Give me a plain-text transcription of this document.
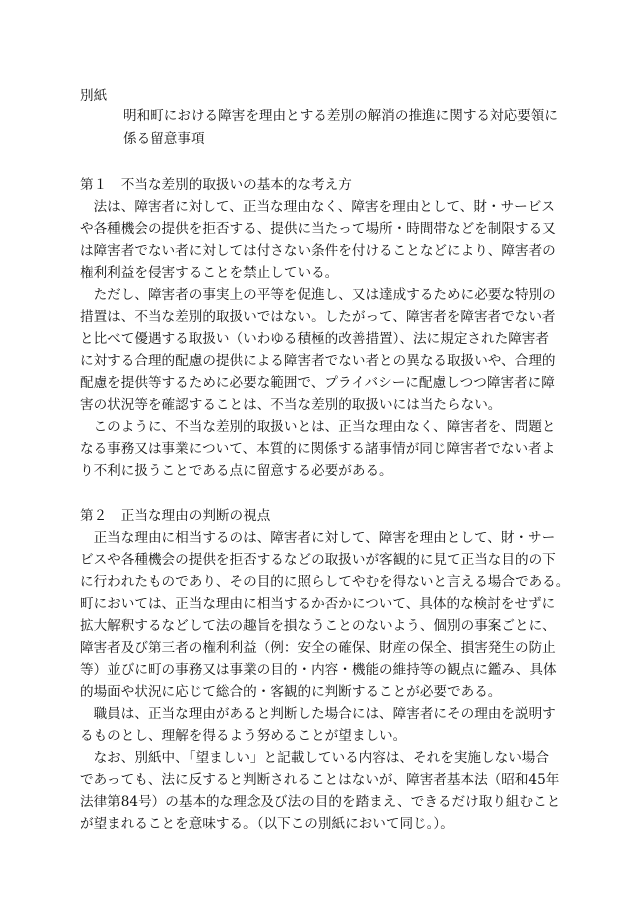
別紙
明和町における障害を理由とする差別の解消の推進に関する対応要領に
係る留意事項
第１　不当な差別的取扱いの基本的な考え方
　法は、障害者に対して、正当な理由なく、障害を理由として、財・サービス
や各種機会の提供を拒否する、提供に当たって場所・時間帯などを制限する又
は障害者でない者に対しては付さない条件を付けることなどにより、障害者の
権利利益を侵害することを禁止している。
　ただし、障害者の事実上の平等を促進し、又は達成するために必要な特別の
措置は、不当な差別的取扱いではない。したがって、障害者を障害者でない者
と比べて優遇する取扱い（いわゆる積極的改善措置）、法に規定された障害者
に対する合理的配慮の提供による障害者でない者との異なる取扱いや、合理的
配慮を提供等するために必要な範囲で、プライバシーに配慮しつつ障害者に障
害の状況等を確認することは、不当な差別的取扱いには当たらない。
　このように、不当な差別的取扱いとは、正当な理由なく、障害者を、問題と
なる事務又は事業について、本質的に関係する諸事情が同じ障害者でない者よ
り不利に扱うことである点に留意する必要がある。
第２　正当な理由の判断の視点
　正当な理由に相当するのは、障害者に対して、障害を理由として、財・サー
ビスや各種機会の提供を拒否するなどの取扱いが客観的に見て正当な目的の下
に行われたものであり、その目的に照らしてやむを得ないと言える場合である。
町においては、正当な理由に相当するか否かについて、具体的な検討をせずに
拡大解釈するなどして法の趣旨を損なうことのないよう、個別の事案ごとに、
障害者及び第三者の権利利益（例：安全の確保、財産の保全、損害発生の防止
等）並びに町の事務又は事業の目的・内容・機能の維持等の観点に鑑み、具体
的場面や状況に応じて総合的・客観的に判断することが必要である。
　職員は、正当な理由があると判断した場合には、障害者にその理由を説明す
るものとし、理解を得るよう努めることが望ましい。
　なお、別紙中、「望ましい」と記載している内容は、それを実施しない場合
であっても、法に反すると判断されることはないが、障害者基本法（昭和45年
法律第84号）の基本的な理念及び法の目的を踏まえ、できるだけ取り組むこと
が望まれることを意味する。（以下この別紙において同じ。）。
